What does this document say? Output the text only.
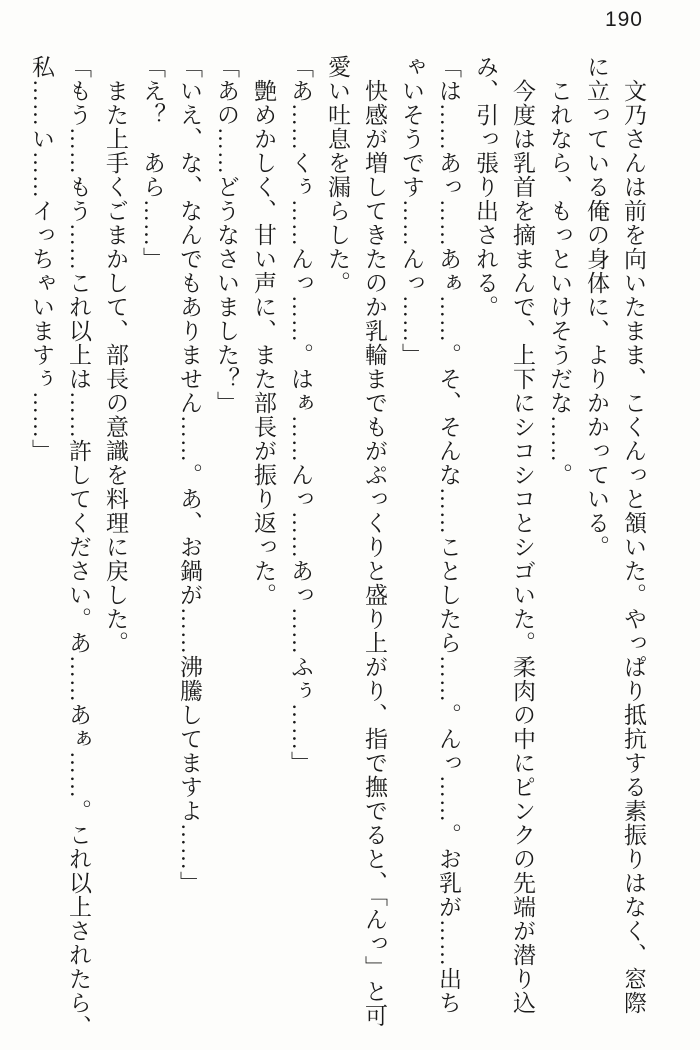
190

　文乃さんは前を向いたまま、こくんっと頷いた。やっぱり抵抗する素振りはなく、窓際

に立っている俺の身体に、よりかかっている。

　これなら、もっといけそうだな……。

　今度は乳首を摘まんで、上下にシコシコとシゴいた。柔肉の中にピンクの先端が潜り込

み、引っ張り出される。

「は……あっ……あぁ……。そ、そんな……ことしたら……。んっ……。お乳が……出ち

ゃいそうです……んっ……」

　快感が増してきたのか乳輪までもがぷっくりと盛り上がり、指で撫でると、「んっ」と可

愛い吐息を漏らした。

「あ……くぅ……んっ……。はぁ……んっ……あっ……ふぅ……」

　艶めかしく、甘い声に、また部長が振り返った。

「あの……どうなさいました？」

「いえ、な、なんでもありません……。あ、お鍋が……沸騰してますよ……」

「え？　あら……」

　また上手くごまかして、部長の意識を料理に戻した。

「もう……もう……これ以上は……許してください。あ……あぁ……。これ以上されたら、

私……い……イっちゃいますぅ……」
